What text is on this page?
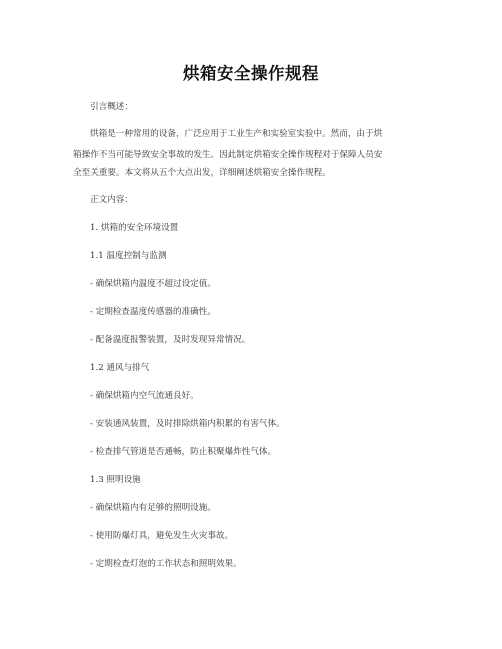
烘箱安全操作规程
引言概述：
烘箱是一种常用的设备，广泛应用于工业生产和实验室实验中。然而，由于烘
箱操作不当可能导致安全事故的发生。因此制定烘箱安全操作规程对于保障人员安
全至关重要。本文将从五个大点出发，详细阐述烘箱安全操作规程。
正文内容：
1. 烘箱的安全环境设置
1.1 温度控制与监测
- 确保烘箱内温度不超过设定值。
- 定期检查温度传感器的准确性。
- 配备温度报警装置，及时发现异常情况。
1.2 通风与排气
- 确保烘箱内空气流通良好。
- 安装通风装置，及时排除烘箱内积累的有害气体。
- 检查排气管道是否通畅，防止积聚爆炸性气体。
1.3 照明设施
- 确保烘箱内有足够的照明设施。
- 使用防爆灯具，避免发生火灾事故。
- 定期检查灯泡的工作状态和照明效果。
